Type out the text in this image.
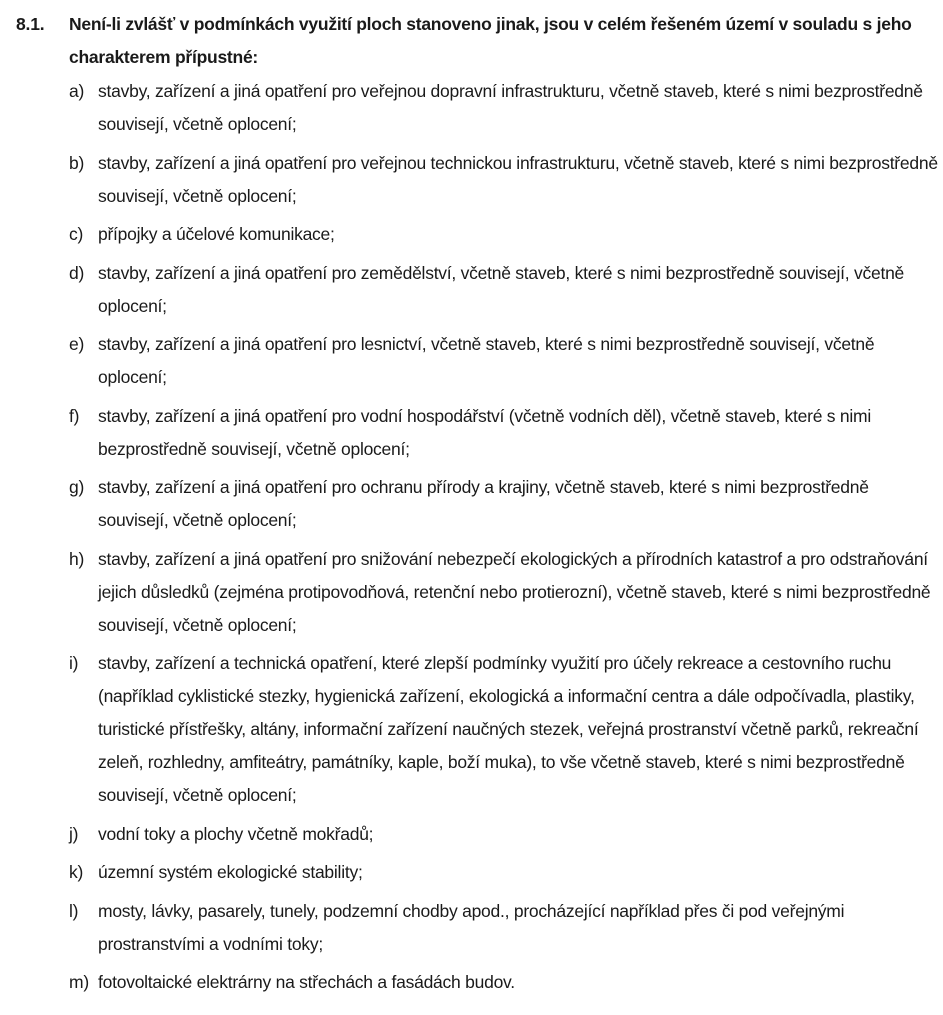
8.1. Není-li zvlášť v podmínkách využití ploch stanoveno jinak, jsou v celém řešeném území v souladu s jeho charakterem přípustné:
a) stavby, zařízení a jiná opatření pro veřejnou dopravní infrastrukturu, včetně staveb, které s nimi bezprostředně souvisejí, včetně oplocení;
b) stavby, zařízení a jiná opatření pro veřejnou technickou infrastrukturu, včetně staveb, které s nimi bezprostředně souvisejí, včetně oplocení;
c) přípojky a účelové komunikace;
d) stavby, zařízení a jiná opatření pro zemědělství, včetně staveb, které s nimi bezprostředně souvisejí, včetně oplocení;
e) stavby, zařízení a jiná opatření pro lesnictví, včetně staveb, které s nimi bezprostředně souvisejí, včetně oplocení;
f) stavby, zařízení a jiná opatření pro vodní hospodářství (včetně vodních děl), včetně staveb, které s nimi bezprostředně souvisejí, včetně oplocení;
g) stavby, zařízení a jiná opatření pro ochranu přírody a krajiny, včetně staveb, které s nimi bezprostředně souvisejí, včetně oplocení;
h) stavby, zařízení a jiná opatření pro snižování nebezpečí ekologických a přírodních katastrof a pro odstraňování jejich důsledků (zejména protipovodňová, retenční nebo protierozní), včetně staveb, které s nimi bezprostředně souvisejí, včetně oplocení;
i) stavby, zařízení a technická opatření, které zlepší podmínky využití pro účely rekreace a cestovního ruchu (například cyklistické stezky, hygienická zařízení, ekologická a informační centra a dále odpočívadla, plastiky, turistické přístřešky, altány, informační zařízení naučných stezek, veřejná prostranství včetně parků, rekreační zeleň, rozhledny, amfiteátry, památníky, kaple, boží muka), to vše včetně staveb, které s nimi bezprostředně souvisejí, včetně oplocení;
j) vodní toky a plochy včetně mokřadů;
k) územní systém ekologické stability;
l) mosty, lávky, pasarely, tunely, podzemní chodby apod., procházející například přes či pod veřejnými prostranstvími a vodními toky;
m) fotovoltaické elektrárny na střechách a fasádách budov.
